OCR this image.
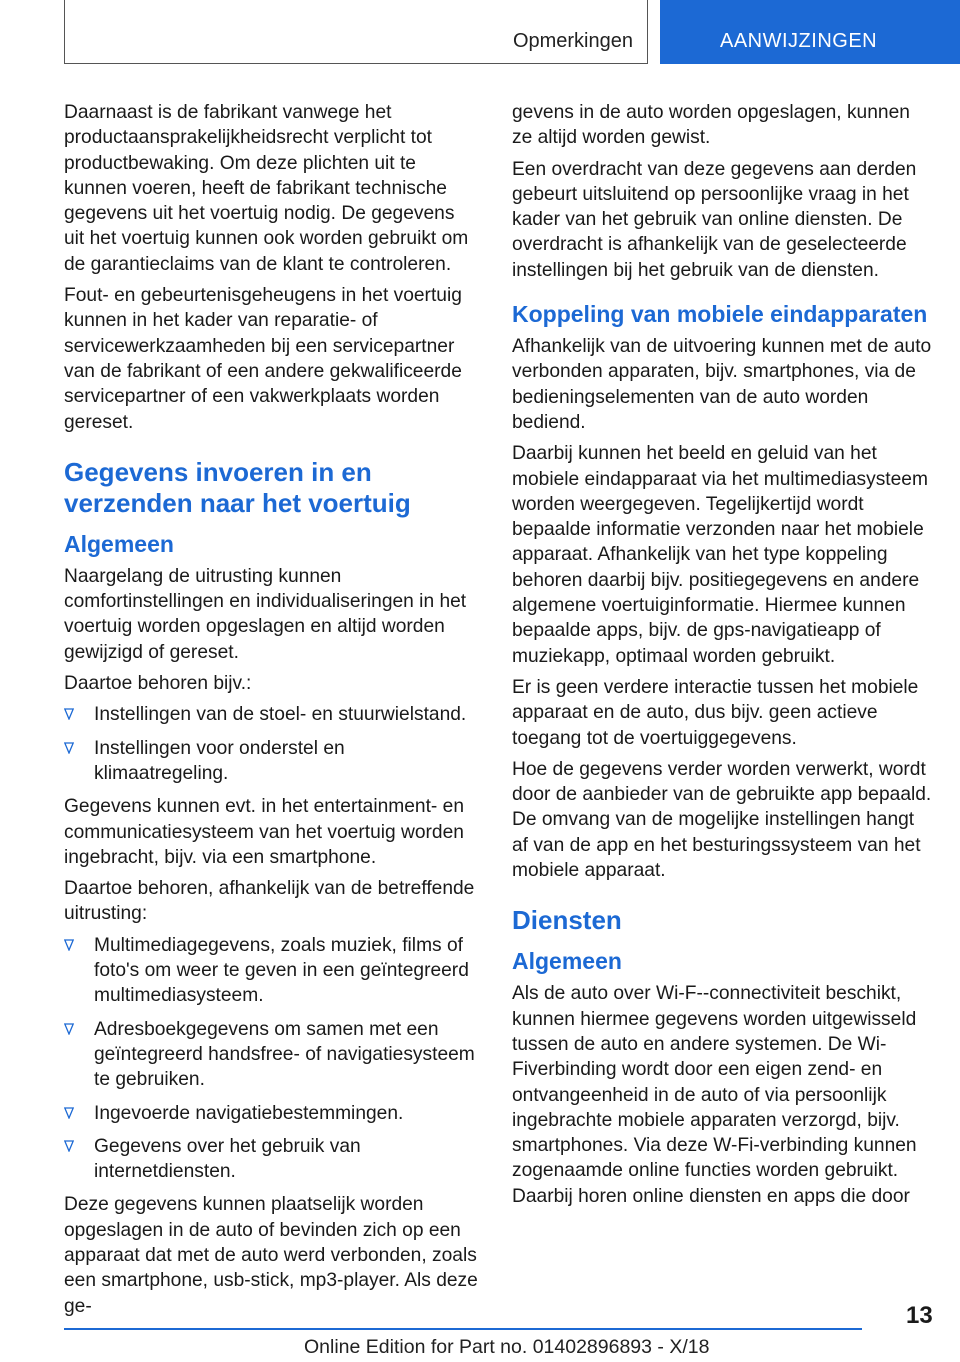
Opmerkingen	AANWIJZINGEN

Daarnaast is de fabrikant vanwege het productaansprakelijkheidsrecht verplicht tot productbewaking. Om deze plichten uit te kunnen voeren, heeft de fabrikant technische gegevens uit het voertuig nodig. De gegevens uit het voertuig kunnen ook worden gebruikt om de garantieclaims van de klant te controleren.

Fout- en gebeurtenisgeheugens in het voertuig kunnen in het kader van reparatie- of servicewerkzaamheden bij een servicepartner van de fabrikant of een andere gekwalificeerde servicepartner of een vakwerkplaats worden gereset.

Gegevens invoeren in en verzenden naar het voertuig
Algemeen

Naargelang de uitrusting kunnen comfortinstellingen en individualiseringen in het voertuig worden opgeslagen en altijd worden gewijzigd of gereset.

Daartoe behoren bijv.:

Instellingen van de stoel- en stuurwielstand.
Instellingen voor onderstel en klimaatregeling.

Gegevens kunnen evt. in het entertainment- en communicatiesysteem van het voertuig worden ingebracht, bijv. via een smartphone.

Daartoe behoren, afhankelijk van de betreffende uitrusting:

Multimediagegevens, zoals muziek, films of foto's om weer te geven in een geïntegreerd multimediasysteem.
Adresboekgegevens om samen met een geïntegreerd handsfree- of navigatiesysteem te gebruiken.
Ingevoerde navigatiebestemmingen.
Gegevens over het gebruik van internetdiensten.

Deze gegevens kunnen plaatselijk worden opgeslagen in de auto of bevinden zich op een apparaat dat met de auto werd verbonden, zoals een smartphone, usb-stick, mp3-player. Als deze ge-

gevens in de auto worden opgeslagen, kunnen ze altijd worden gewist.

Een overdracht van deze gegevens aan derden gebeurt uitsluitend op persoonlijke vraag in het kader van het gebruik van online diensten. De overdracht is afhankelijk van de geselecteerde instellingen bij het gebruik van de diensten.

Koppeling van mobiele eindapparaten

Afhankelijk van de uitvoering kunnen met de auto verbonden apparaten, bijv. smartphones, via de bedieningselementen van de auto worden bediend.

Daarbij kunnen het beeld en geluid van het mobiele eindapparaat via het multimediasysteem worden weergegeven. Tegelijkertijd wordt bepaalde informatie verzonden naar het mobiele apparaat. Afhankelijk van het type koppeling behoren daarbij bijv. positiegegevens en andere algemene voertuiginformatie. Hiermee kunnen bepaalde apps, bijv. de gps-navigatieapp of muziekapp, optimaal worden gebruikt.

Er is geen verdere interactie tussen het mobiele apparaat en de auto, dus bijv. geen actieve toegang tot de voertuiggegevens.

Hoe de gegevens verder worden verwerkt, wordt door de aanbieder van de gebruikte app bepaald. De omvang van de mogelijke instellingen hangt af van de app en het besturingssysteem van het mobiele apparaat.

Diensten
Algemeen

Als de auto over Wi-F--connectiviteit beschikt, kunnen hiermee gegevens worden uitgewisseld tussen de auto en andere systemen. De Wi-Fiverbinding wordt door een eigen zend- en ontvangeenheid in de auto of via persoonlijk ingebrachte mobiele apparaten verzorgd, bijv. smartphones. Via deze W-Fi-verbinding kunnen zogenaamde online functies worden gebruikt. Daarbij horen online diensten en apps die door

13
Online Edition for Part no. 01402896893 - X/18
